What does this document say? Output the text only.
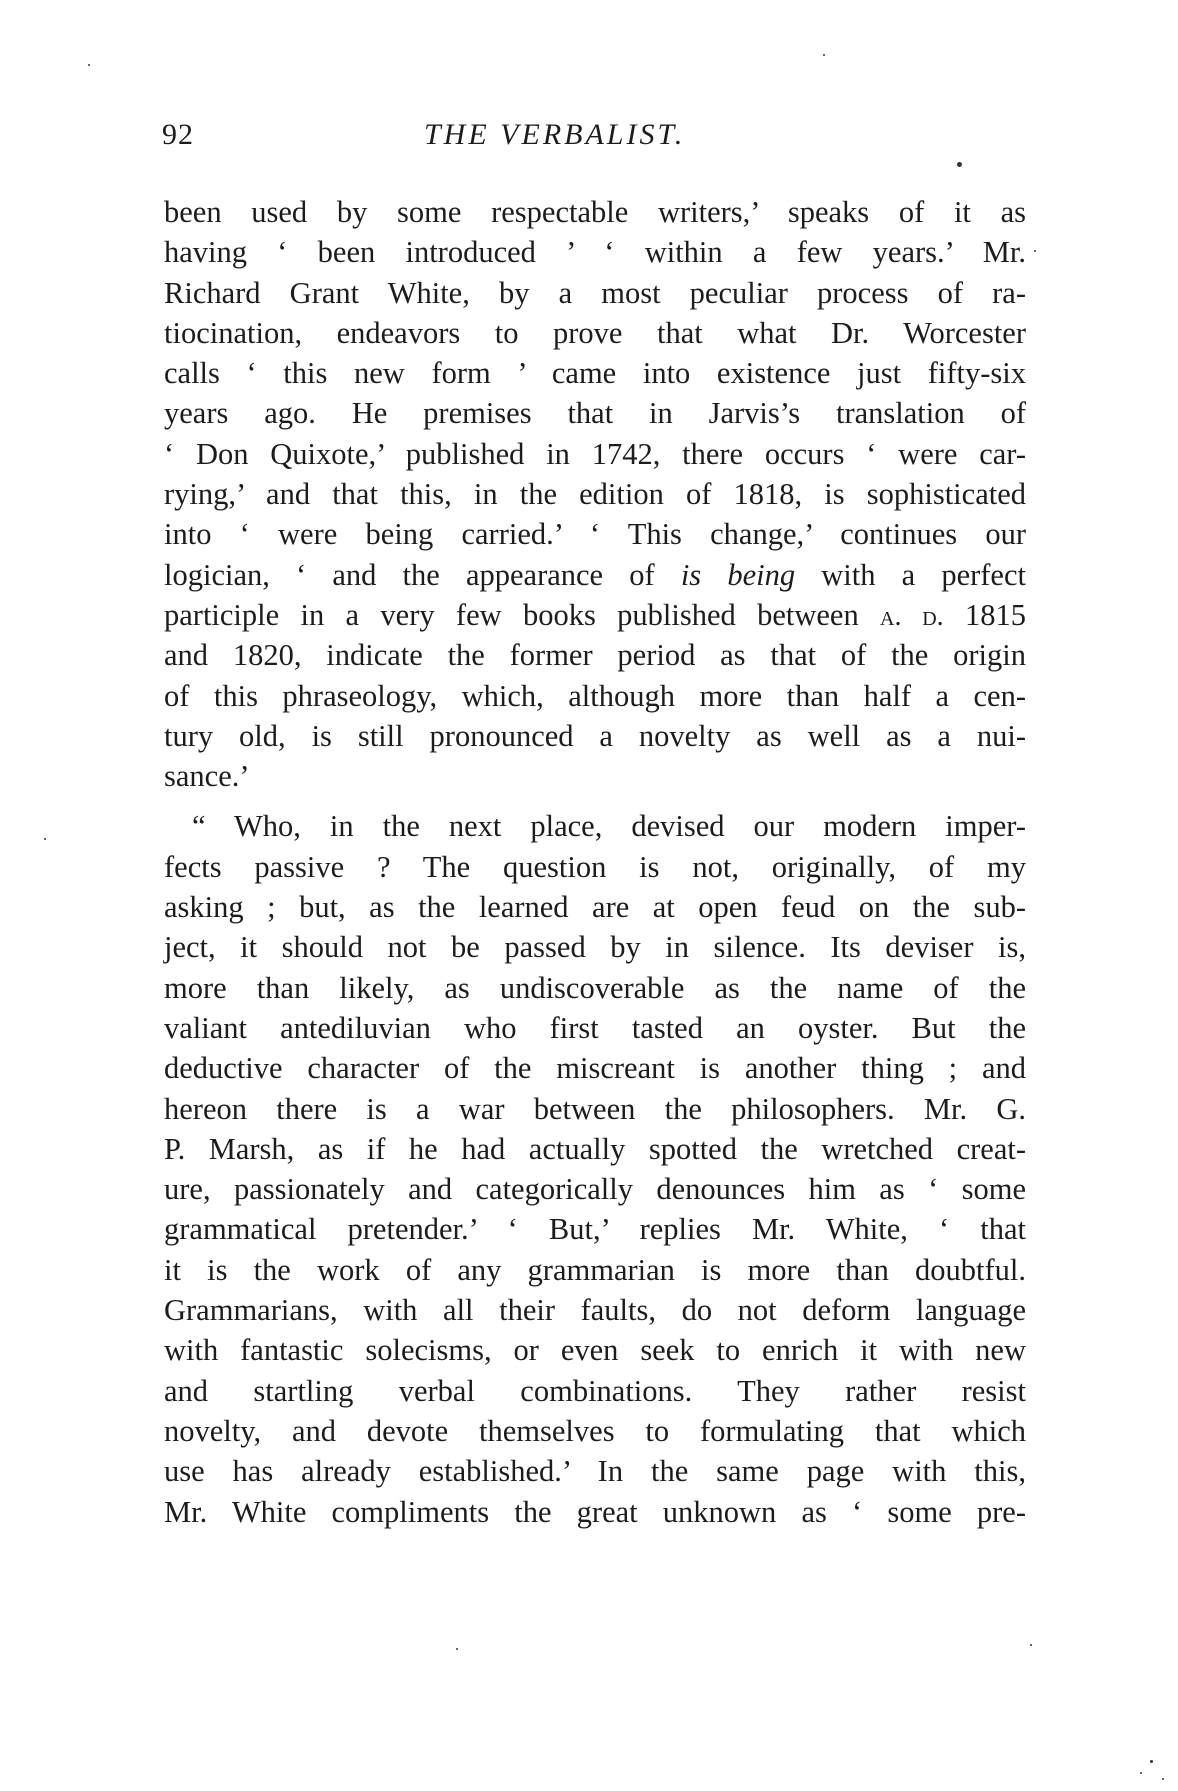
92	THE VERBALIST.
been used by some respectable writers,’ speaks of it as
having ‘ been introduced ’ ‘ within a few years.’ Mr.
Richard Grant White, by a most peculiar process of ra-
tiocination, endeavors to prove that what Dr. Worcester
calls ‘ this new form ’ came into existence just fifty-six
years ago. He premises that in Jarvis’s translation of
‘ Don Quixote,’ published in 1742, there occurs ‘ were car-
rying,’ and that this, in the edition of 1818, is sophisticated
into ‘ were being carried.’ ‘ This change,’ continues our
logician, ‘ and the appearance of is being with a perfect
participle in a very few books published between a. d. 1815
and 1820, indicate the former period as that of the origin
of this phraseology, which, although more than half a cen-
tury old, is still pronounced a novelty as well as a nui-
sance.’
“ Who, in the next place, devised our modern imper-
fects passive ? The question is not, originally, of my
asking ; but, as the learned are at open feud on the sub-
ject, it should not be passed by in silence. Its deviser is,
more than likely, as undiscoverable as the name of the
valiant antediluvian who first tasted an oyster. But the
deductive character of the miscreant is another thing ; and
hereon there is a war between the philosophers. Mr. G.
P. Marsh, as if he had actually spotted the wretched creat-
ure, passionately and categorically denounces him as ‘ some
grammatical pretender.’ ‘ But,’ replies Mr. White, ‘ that
it is the work of any grammarian is more than doubtful.
Grammarians, with all their faults, do not deform language
with fantastic solecisms, or even seek to enrich it with new
and startling verbal combinations. They rather resist
novelty, and devote themselves to formulating that which
use has already established.’ In the same page with this,
Mr. White compliments the great unknown as ‘ some pre-
